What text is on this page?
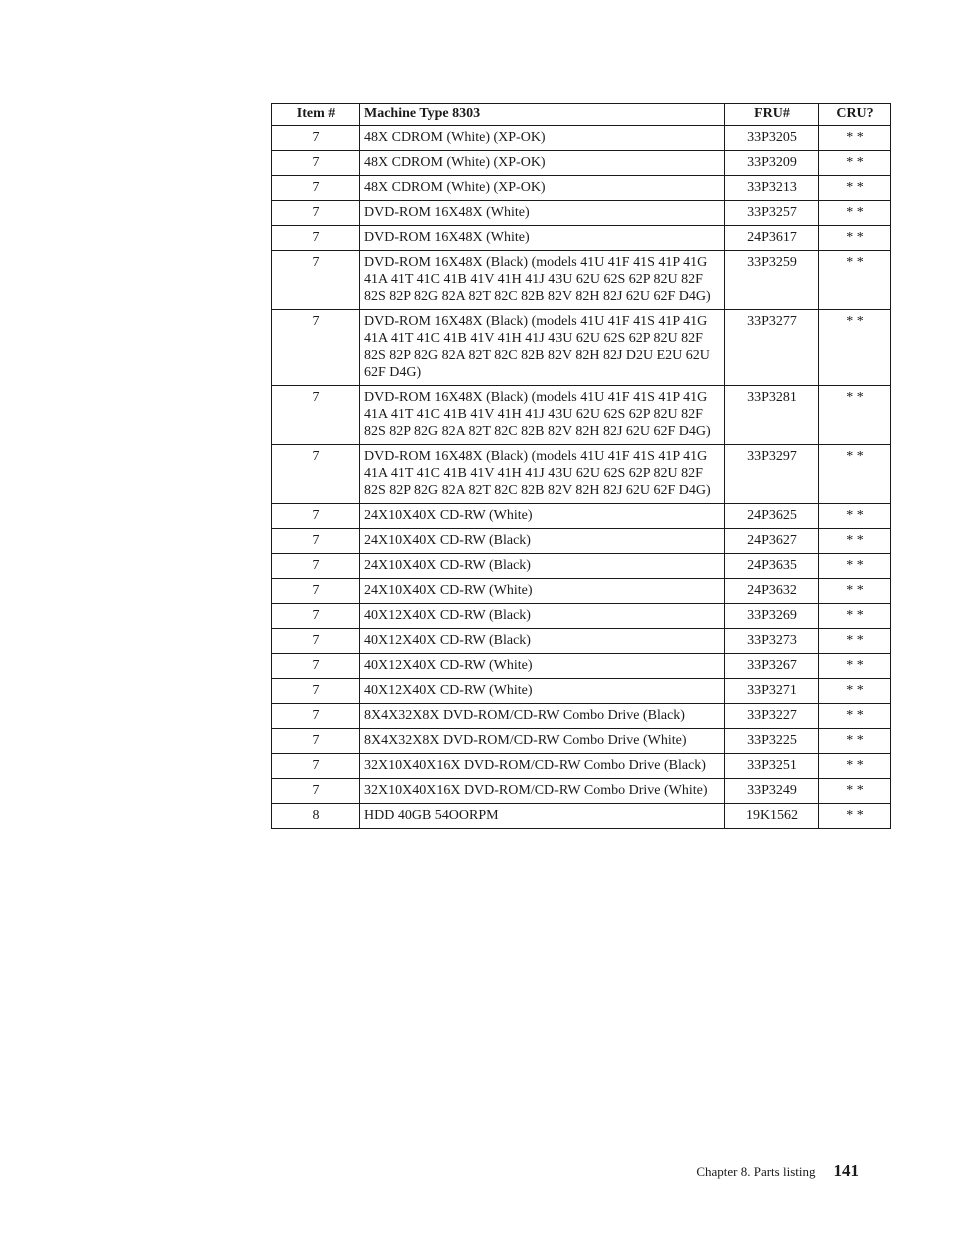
Item #	Machine Type 8303	FRU#	CRU?
7	48X CDROM (White) (XP-OK)	33P3205	* *
7	48X CDROM (White) (XP-OK)	33P3209	* *
7	48X CDROM (White) (XP-OK)	33P3213	* *
7	DVD-ROM 16X48X (White)	33P3257	* *
7	DVD-ROM 16X48X (White)	24P3617	* *
7	DVD-ROM 16X48X (Black) (models 41U 41F 41S 41P 41G 41A 41T 41C 41B 41V 41H 41J 43U 62U 62S 62P 82U 82F 82S 82P 82G 82A 82T 82C 82B 82V 82H 82J 62U 62F D4G)	33P3259	* *
7	DVD-ROM 16X48X (Black) (models 41U 41F 41S 41P 41G 41A 41T 41C 41B 41V 41H 41J 43U 62U 62S 62P 82U 82F 82S 82P 82G 82A 82T 82C 82B 82V 82H 82J D2U E2U 62U 62F D4G)	33P3277	* *
7	DVD-ROM 16X48X (Black) (models 41U 41F 41S 41P 41G 41A 41T 41C 41B 41V 41H 41J 43U 62U 62S 62P 82U 82F 82S 82P 82G 82A 82T 82C 82B 82V 82H 82J 62U 62F D4G)	33P3281	* *
7	DVD-ROM 16X48X (Black) (models 41U 41F 41S 41P 41G 41A 41T 41C 41B 41V 41H 41J 43U 62U 62S 62P 82U 82F 82S 82P 82G 82A 82T 82C 82B 82V 82H 82J 62U 62F D4G)	33P3297	* *
7	24X10X40X CD-RW (White)	24P3625	* *
7	24X10X40X CD-RW (Black)	24P3627	* *
7	24X10X40X CD-RW (Black)	24P3635	* *
7	24X10X40X CD-RW (White)	24P3632	* *
7	40X12X40X CD-RW (Black)	33P3269	* *
7	40X12X40X CD-RW (Black)	33P3273	* *
7	40X12X40X CD-RW (White)	33P3267	* *
7	40X12X40X CD-RW (White)	33P3271	* *
7	8X4X32X8X DVD-ROM/CD-RW Combo Drive (Black)	33P3227	* *
7	8X4X32X8X DVD-ROM/CD-RW Combo Drive (White)	33P3225	* *
7	32X10X40X16X DVD-ROM/CD-RW Combo Drive (Black)	33P3251	* *
7	32X10X40X16X DVD-ROM/CD-RW Combo Drive (White)	33P3249	* *
8	HDD 40GB 54OORPM	19K1562	* *
Chapter 8. Parts listing 141
